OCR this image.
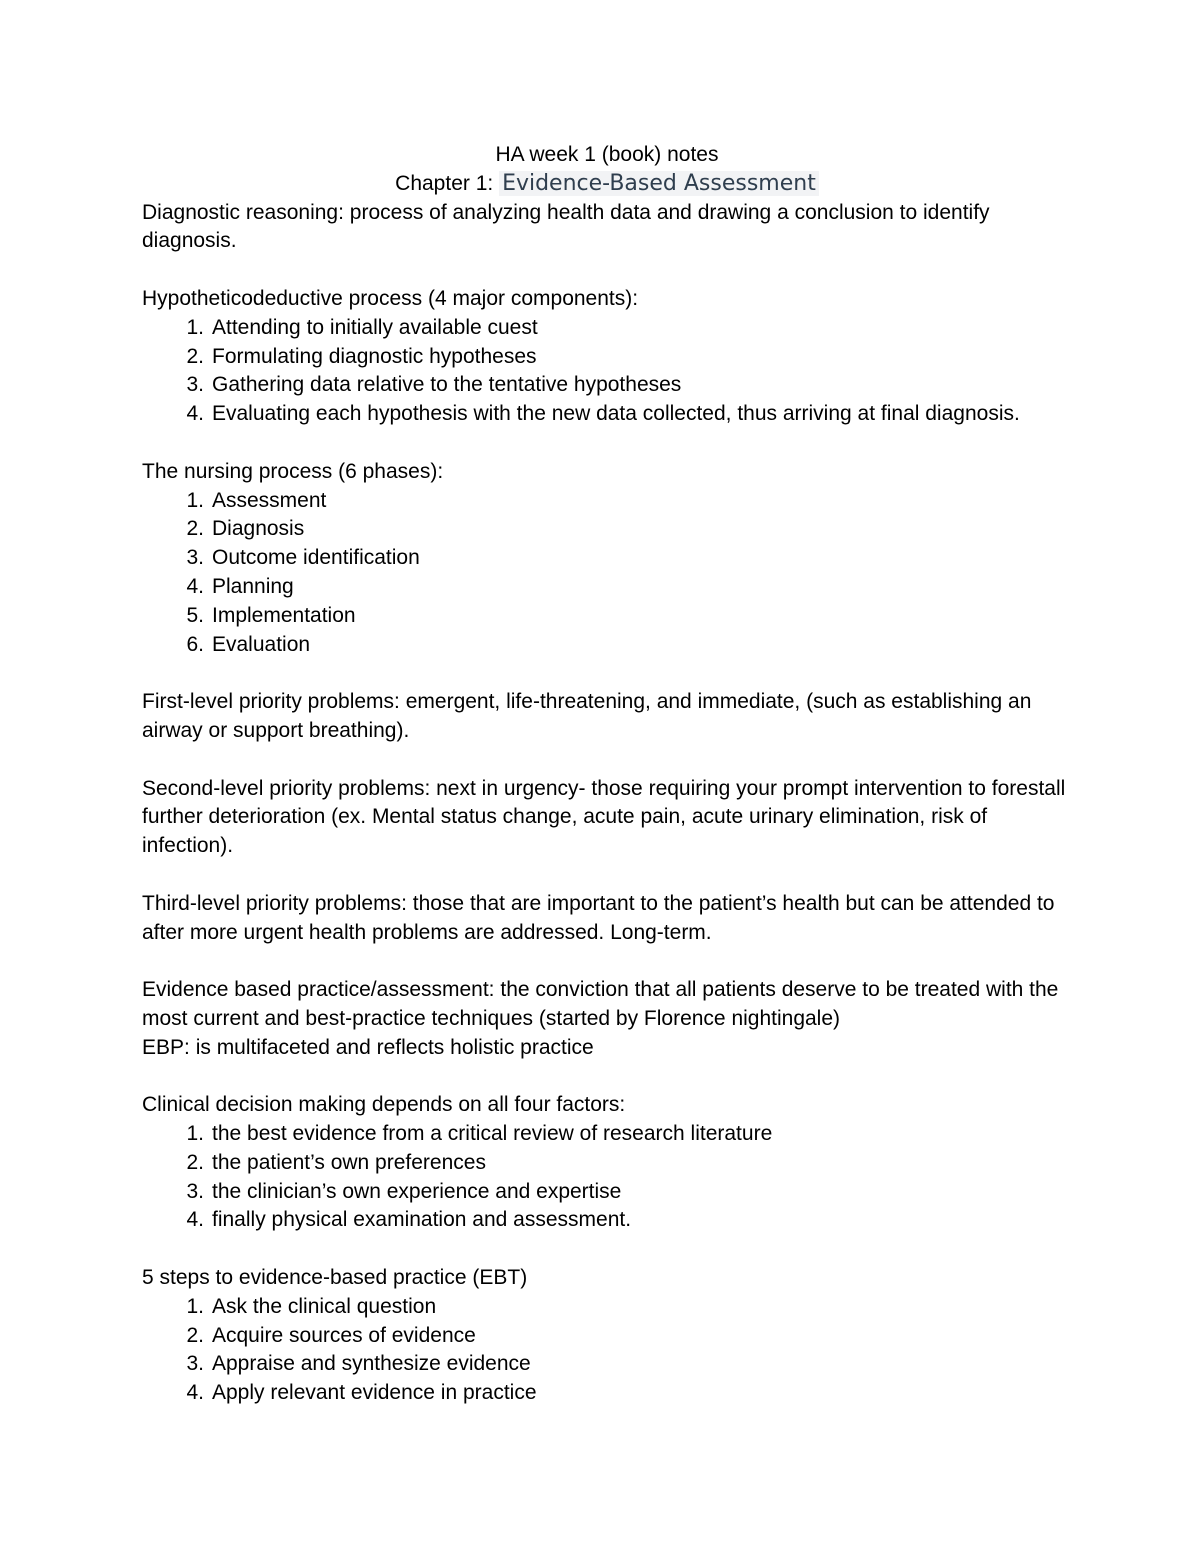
HA week 1 (book) notes

Chapter 1: Evidence-Based Assessment

Diagnostic reasoning: process of analyzing health data and drawing a conclusion to identify diagnosis.

Hypotheticodeductive process (4 major components):

1. Attending to initially available cuest
2. Formulating diagnostic hypotheses
3. Gathering data relative to the tentative hypotheses
4. Evaluating each hypothesis with the new data collected, thus arriving at final diagnosis.

The nursing process (6 phases):

1. Assessment
2. Diagnosis
3. Outcome identification
4. Planning
5. Implementation
6. Evaluation

First-level priority problems: emergent, life-threatening, and immediate, (such as establishing an airway or support breathing).

Second-level priority problems: next in urgency- those requiring your prompt intervention to forestall further deterioration (ex. Mental status change, acute pain, acute urinary elimination, risk of infection).

Third-level priority problems: those that are important to the patient’s health but can be attended to after more urgent health problems are addressed. Long-term.

Evidence based practice/assessment: the conviction that all patients deserve to be treated with the most current and best-practice techniques (started by Florence nightingale)

EBP: is multifaceted and reflects holistic practice

Clinical decision making depends on all four factors:

1. the best evidence from a critical review of research literature
2. the patient’s own preferences
3. the clinician’s own experience and expertise
4. finally physical examination and assessment.

5 steps to evidence-based practice (EBT)

1. Ask the clinical question
2. Acquire sources of evidence
3. Appraise and synthesize evidence
4. Apply relevant evidence in practice
